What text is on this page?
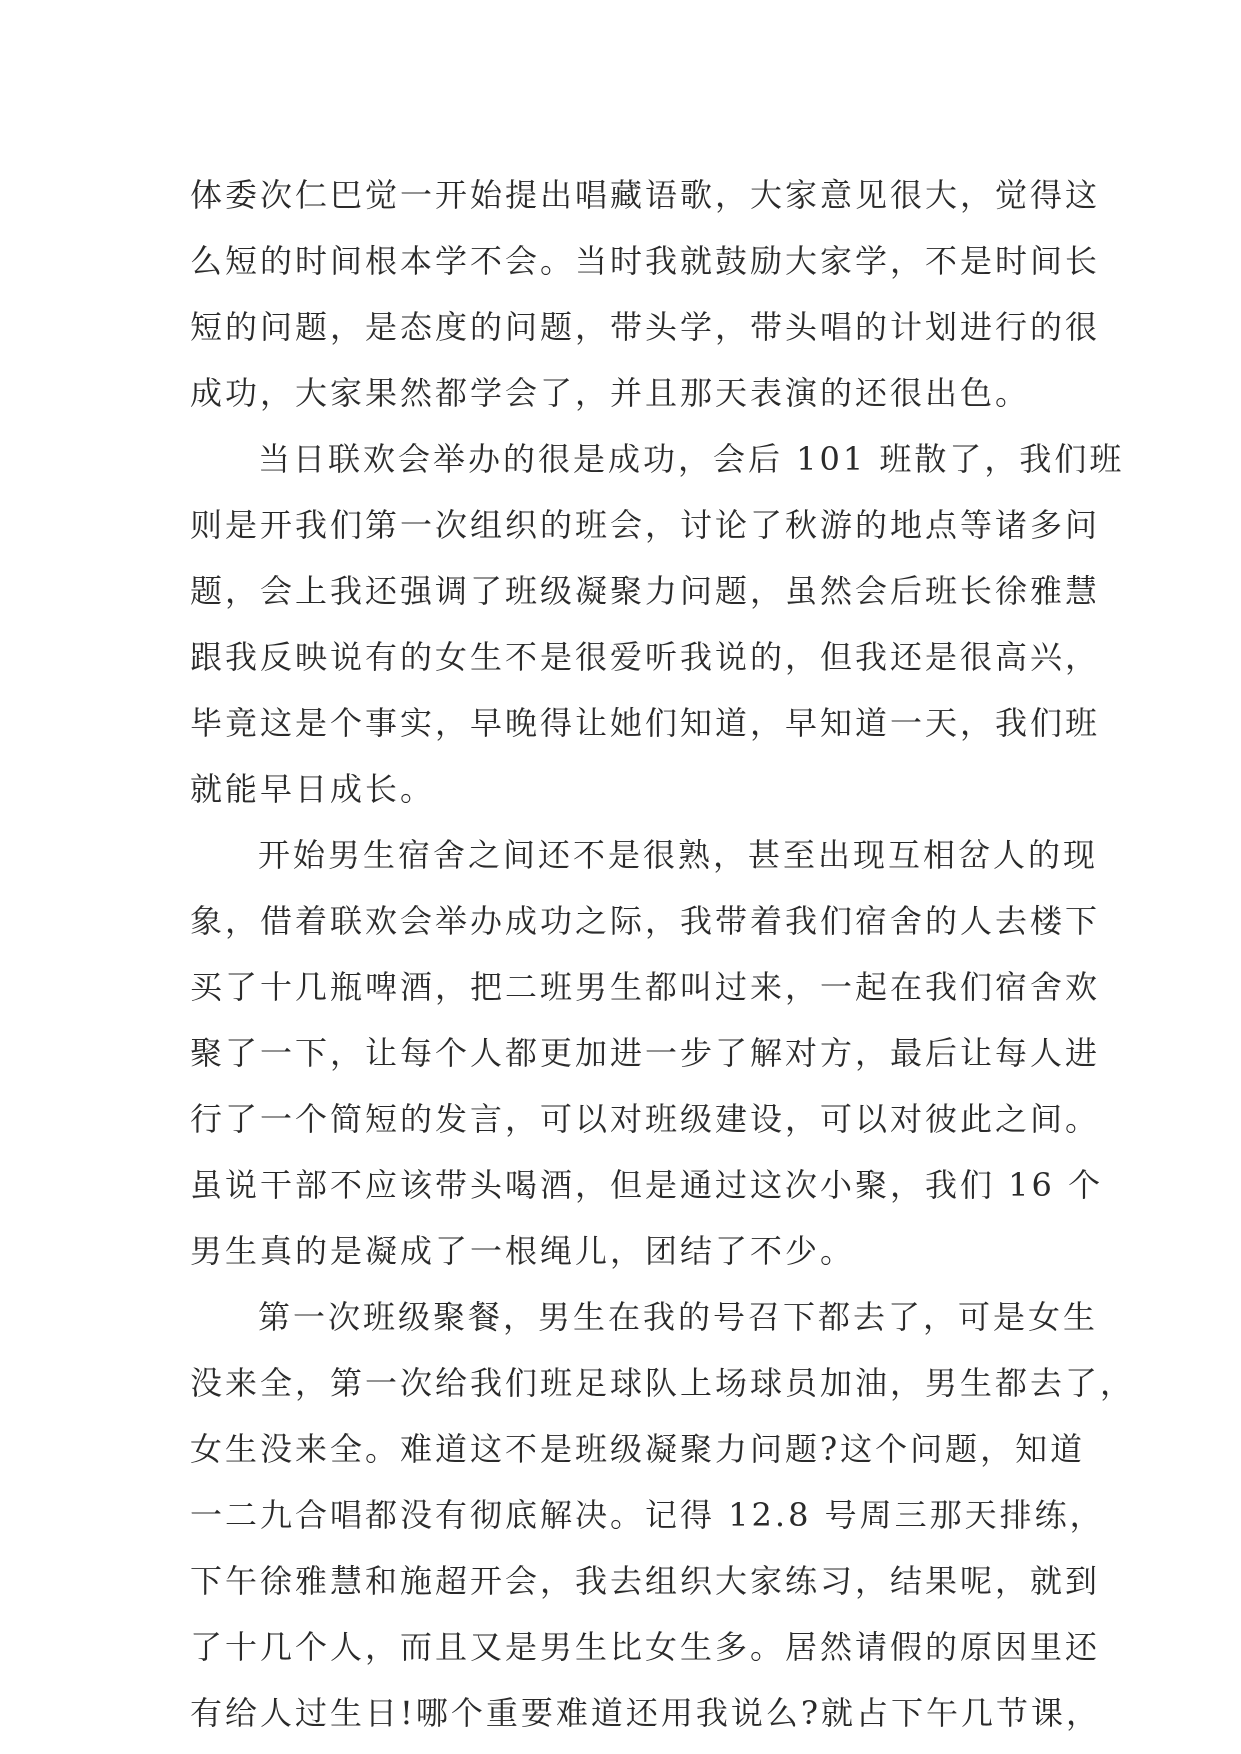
体委次仁巴觉一开始提出唱藏语歌，大家意见很大，觉得这
么短的时间根本学不会。当时我就鼓励大家学，不是时间长
短的问题，是态度的问题，带头学，带头唱的计划进行的很
成功，大家果然都学会了，并且那天表演的还很出色。
当日联欢会举办的很是成功，会后 101 班散了，我们班
则是开我们第一次组织的班会，讨论了秋游的地点等诸多问
题，会上我还强调了班级凝聚力问题，虽然会后班长徐雅慧
跟我反映说有的女生不是很爱听我说的，但我还是很高兴，
毕竟这是个事实，早晚得让她们知道，早知道一天，我们班
就能早日成长。
开始男生宿舍之间还不是很熟，甚至出现互相岔人的现
象，借着联欢会举办成功之际，我带着我们宿舍的人去楼下
买了十几瓶啤酒，把二班男生都叫过来，一起在我们宿舍欢
聚了一下，让每个人都更加进一步了解对方，最后让每人进
行了一个简短的发言，可以对班级建设，可以对彼此之间。
虽说干部不应该带头喝酒，但是通过这次小聚，我们 16 个
男生真的是凝成了一根绳儿，团结了不少。
第一次班级聚餐，男生在我的号召下都去了，可是女生
没来全，第一次给我们班足球队上场球员加油，男生都去了，
女生没来全。难道这不是班级凝聚力问题?这个问题，知道
一二九合唱都没有彻底解决。记得 12.8 号周三那天排练，
下午徐雅慧和施超开会，我去组织大家练习，结果呢，就到
了十几个人，而且又是男生比女生多。居然请假的原因里还
有给人过生日!哪个重要难道还用我说么?就占下午几节课，
